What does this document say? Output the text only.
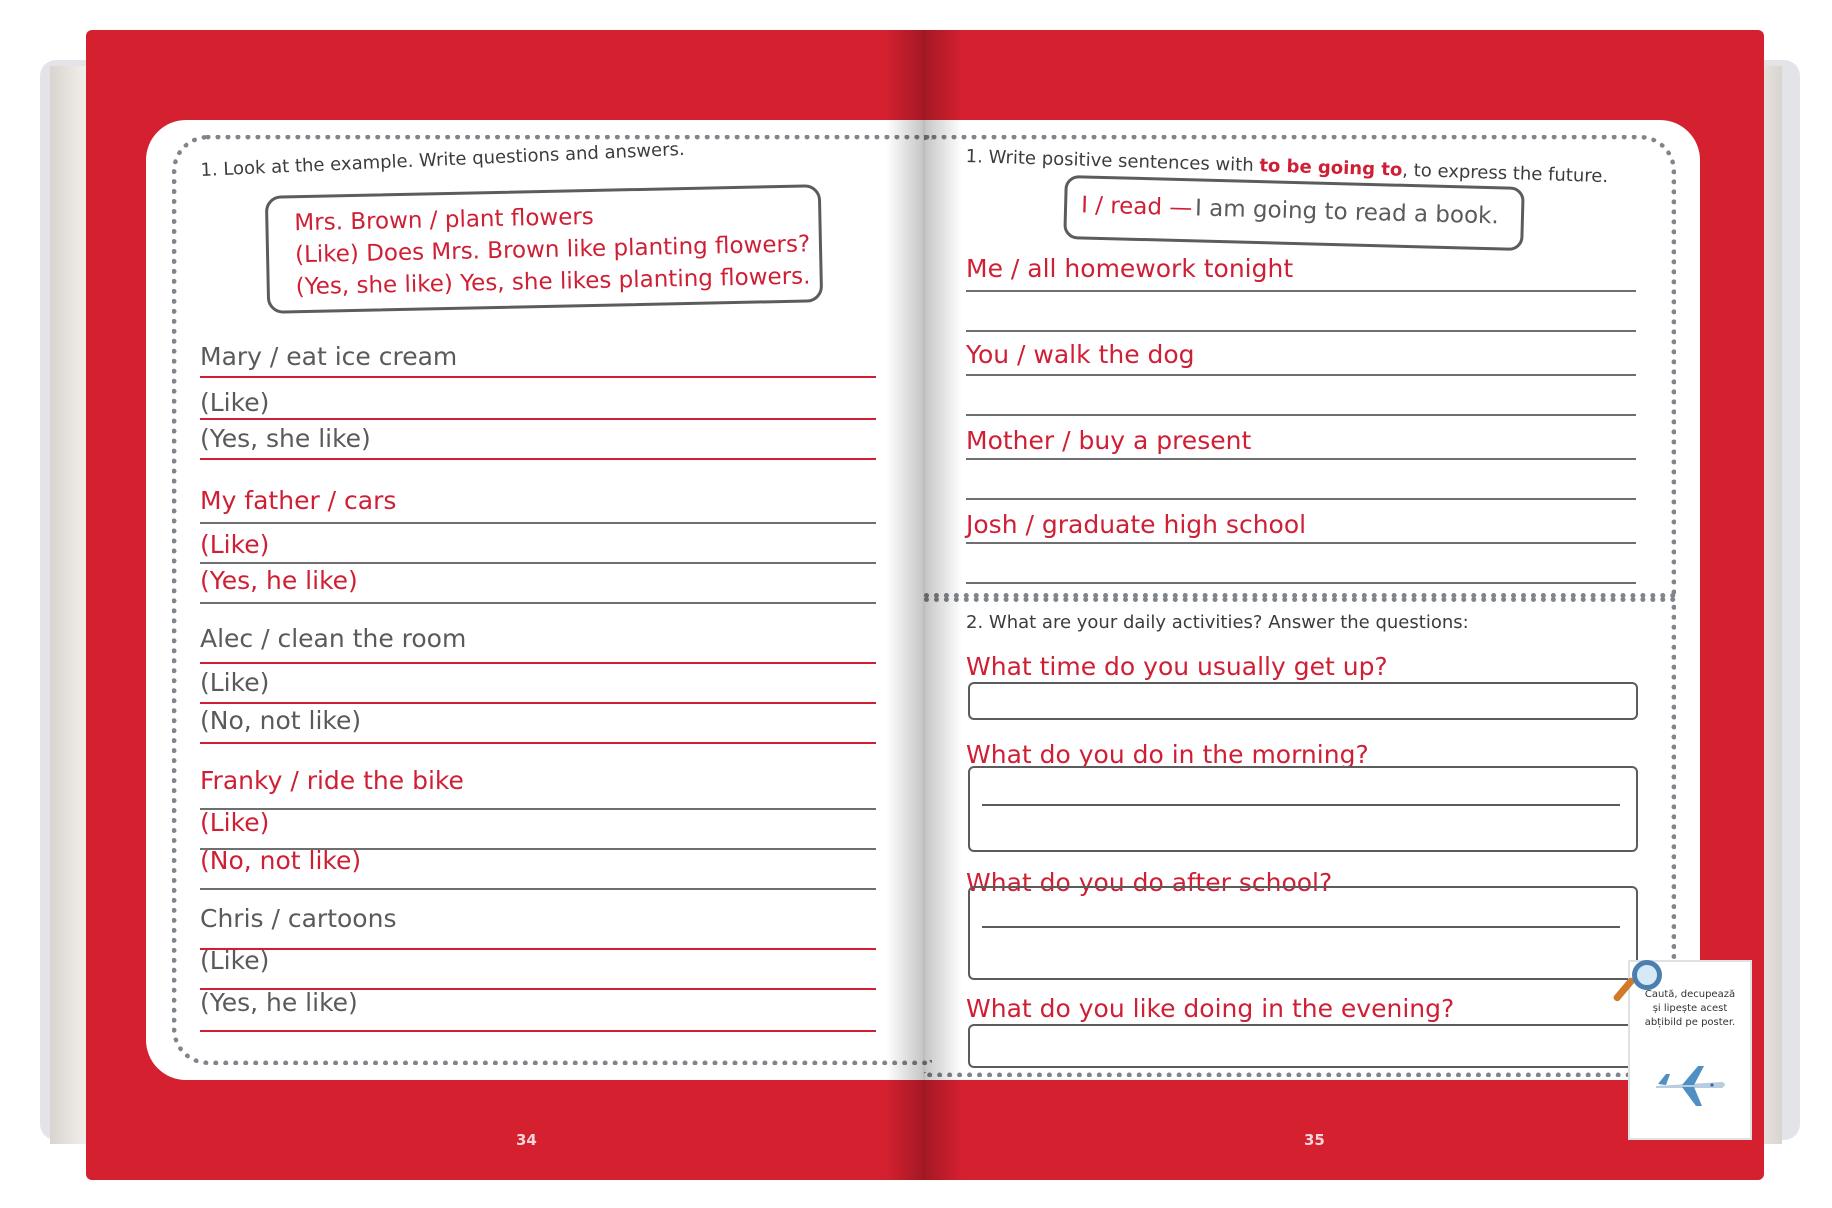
1. Look at the example. Write questions and answers.
Mrs. Brown / plant flowers
(Like) Does Mrs. Brown like planting flowers?
(Yes, she like) Yes, she likes planting flowers.
Mary / eat ice cream
(Like)
(Yes, she like)
My father / cars
(Like)
(Yes, he like)
Alec / clean the room
(Like)
(No, not like)
Franky / ride the bike
(Like)
(No, not like)
Chris / cartoons
(Like)
(Yes, he like)
34
1. Write positive sentences with to be going to, to express the future.
I / read — I am going to read a book.
Me / all homework tonight
You / walk the dog
Mother / buy a present
Josh / graduate high school
2. What are your daily activities? Answer the questions:
What time do you usually get up?
What do you do in the morning?
What do you do after school?
What do you like doing in the evening?
35
Caută, decupează
și lipește acest
abțibild pe poster.
